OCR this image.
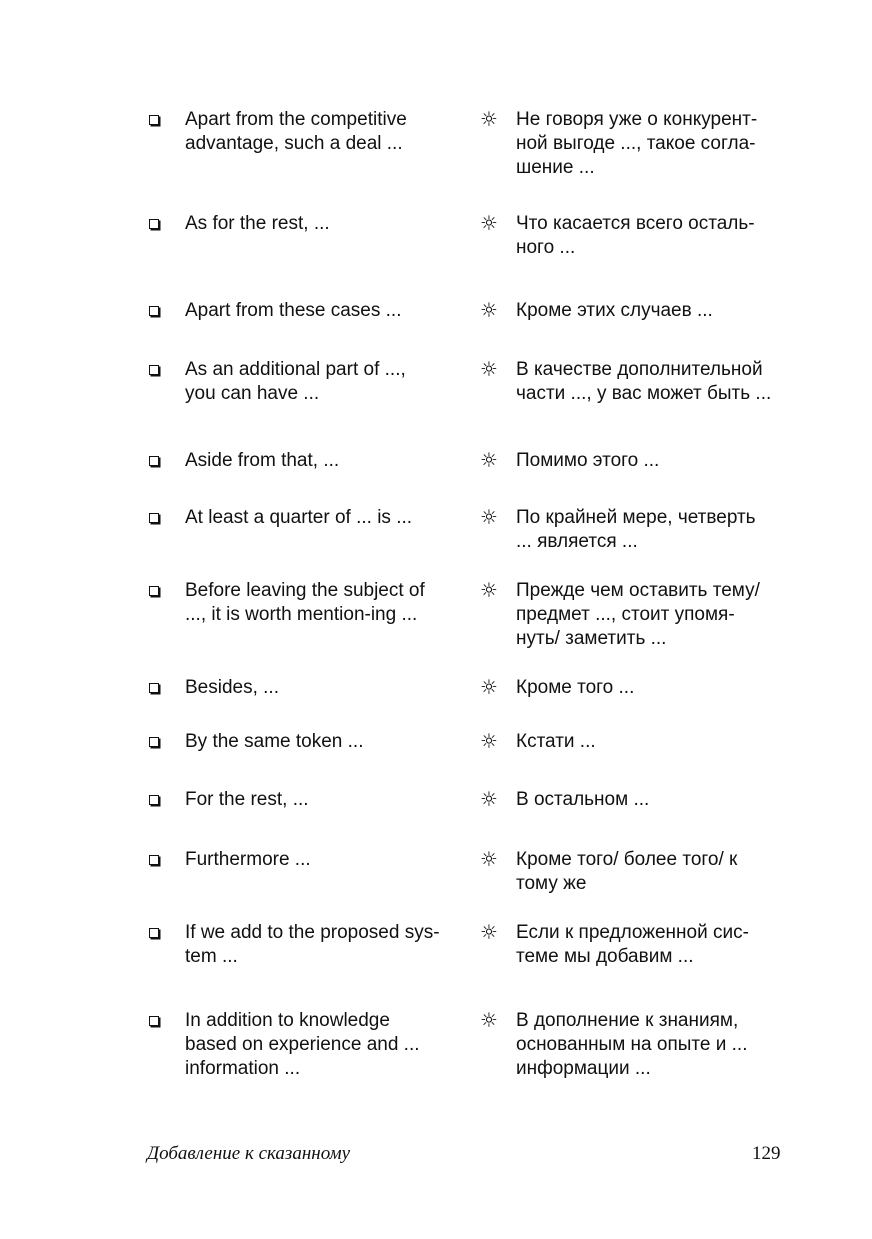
Apart from the competitive
advantage, such a deal ...
☼ Не говоря уже о конкурент-
ной выгоде ..., такое согла-
шение ...
As for the rest, ...	☼ Что касается всего осталь-
ного ...
Apart from these cases ...	☼ Кроме этих случаев ...
As an additional part of ...,
you can have ...
☼ В качестве дополнительной
части ..., у вас может быть ...
Aside from that, ...	☼ Помимо этого ...
At least a quarter of ... is ...	☼ По крайней мере, четверть
... является ...
Before leaving the subject of
..., it is worth mention-ing ...
☼ Прежде чем оставить тему/
предмет ..., стоит упомя-
нуть/ заметить ...
Besides, ...	☼ Кроме того ...
By the same token ...	☼ Кстати ...
For the rest, ...	☼ В остальном ...
Furthermore ...	☼ Кроме того/ более того/ к
тому же
If we add to the proposed sys-
tem ...
☼ Если к предложенной сис-
теме мы добавим ...
In addition to knowledge
based on experience and ...
information ...
☼ В дополнение к знаниям,
основанным на опыте и ...
информации ...
Добавление к сказанному	129
